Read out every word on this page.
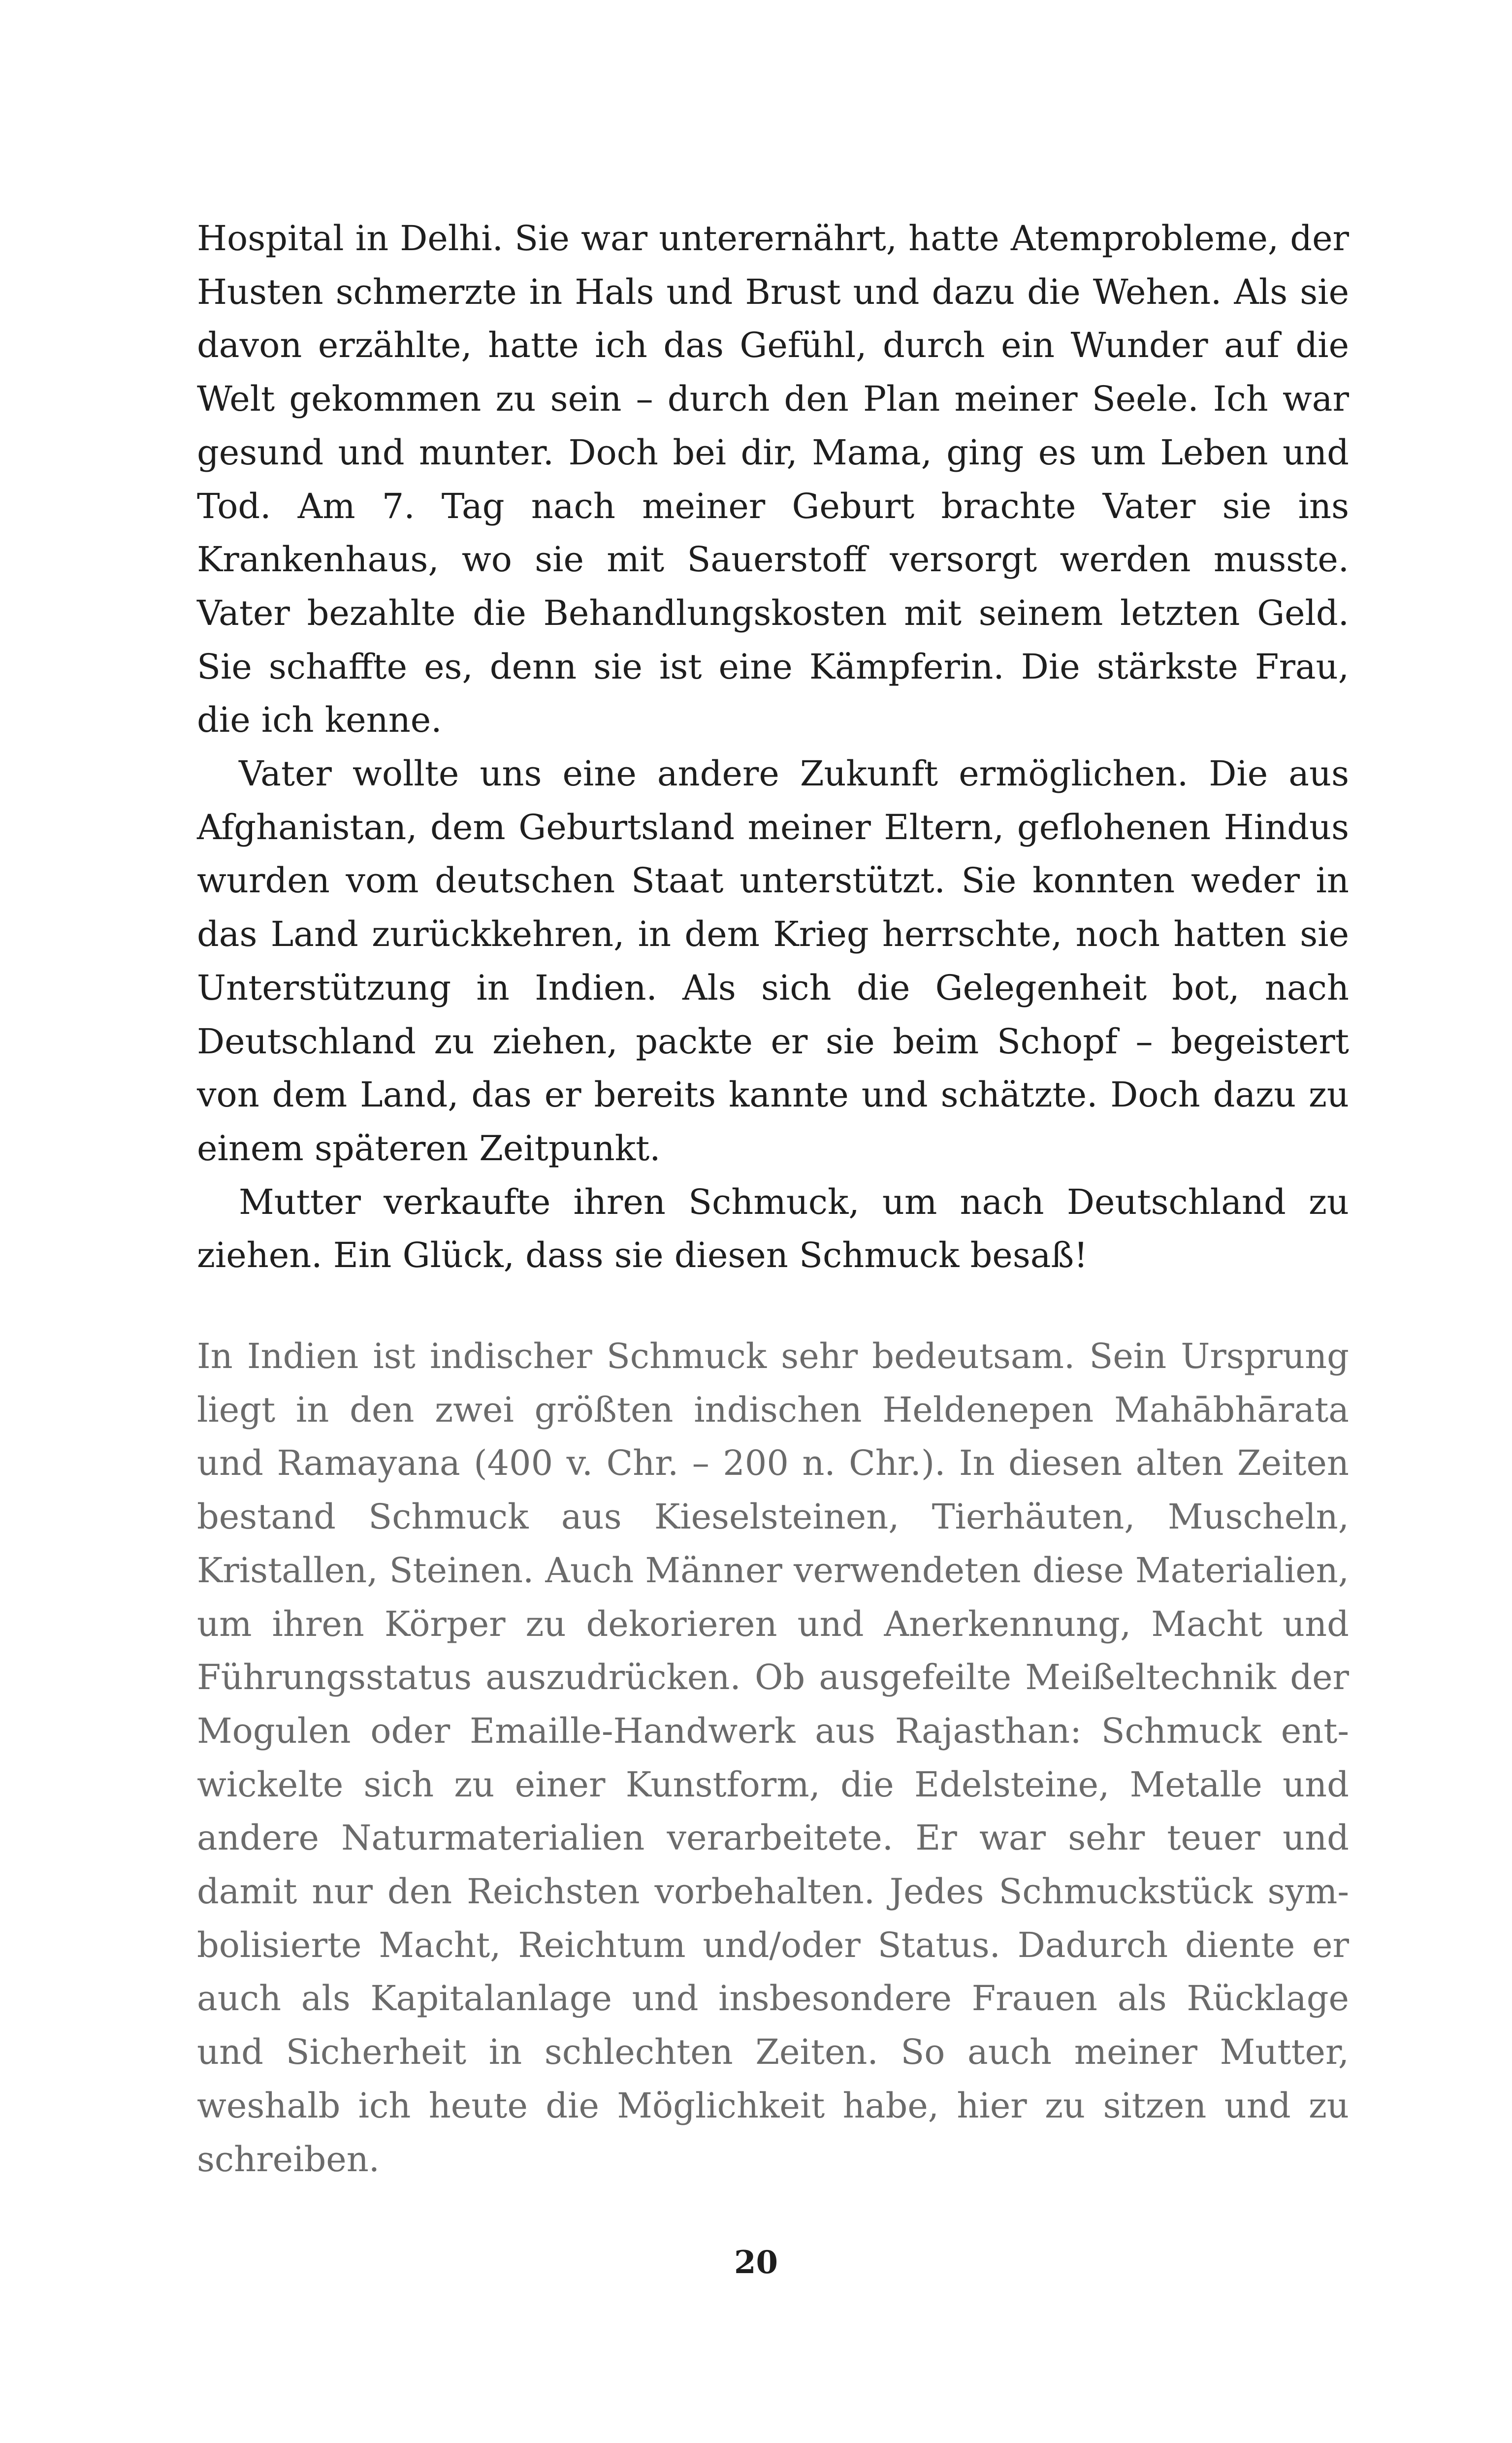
Hospital in Delhi. Sie war unterernährt, hatte Atemprobleme, der Husten schmerzte in Hals und Brust und dazu die Wehen. Als sie davon erzählte, hatte ich das Gefühl, durch ein Wunder auf die Welt gekommen zu sein – durch den Plan meiner Seele. Ich war gesund und munter. Doch bei dir, Mama, ging es um Leben und Tod. Am 7. Tag nach meiner Geburt brachte Vater sie ins Krankenhaus, wo sie mit Sauerstoff versorgt werden musste. Vater bezahlte die Behandlungskosten mit seinem letzten Geld. Sie schaffte es, denn sie ist eine Kämpferin. Die stärkste Frau, die ich kenne.

Vater wollte uns eine andere Zukunft ermöglichen. Die aus Afghanistan, dem Geburtsland meiner Eltern, geflohenen Hindus wurden vom deutschen Staat unterstützt. Sie konnten weder in das Land zurückkehren, in dem Krieg herrschte, noch hatten sie Unterstützung in Indien. Als sich die Gelegenheit bot, nach Deutschland zu ziehen, packte er sie beim Schopf – begeistert von dem Land, das er bereits kannte und schätzte. Doch dazu zu einem späteren Zeitpunkt.

Mutter verkaufte ihren Schmuck, um nach Deutschland zu ziehen. Ein Glück, dass sie diesen Schmuck besaß!

In Indien ist indischer Schmuck sehr bedeutsam. Sein Ursprung liegt in den zwei größten indischen Heldenepen Mahābhārata und Ramayana (400 v. Chr. – 200 n. Chr.). In diesen alten Zeiten bestand Schmuck aus Kieselsteinen, Tierhäuten, Muscheln, Kristallen, Steinen. Auch Männer verwendeten diese Materialien, um ihren Körper zu dekorieren und Anerkennung, Macht und Führungsstatus auszudrücken. Ob ausgefeilte Meißeltechnik der Mogulen oder Emaille-Handwerk aus Rajasthan: Schmuck entwickelte sich zu einer Kunstform, die Edelsteine, Metalle und andere Naturmaterialien verarbeitete. Er war sehr teuer und damit nur den Reichsten vorbehalten. Jedes Schmuckstück symbolisierte Macht, Reichtum und/oder Status. Dadurch diente er auch als Kapitalanlage und insbesondere Frauen als Rücklage und Sicherheit in schlechten Zeiten. So auch meiner Mutter, weshalb ich heute die Möglichkeit habe, hier zu sitzen und zu schreiben.

20
